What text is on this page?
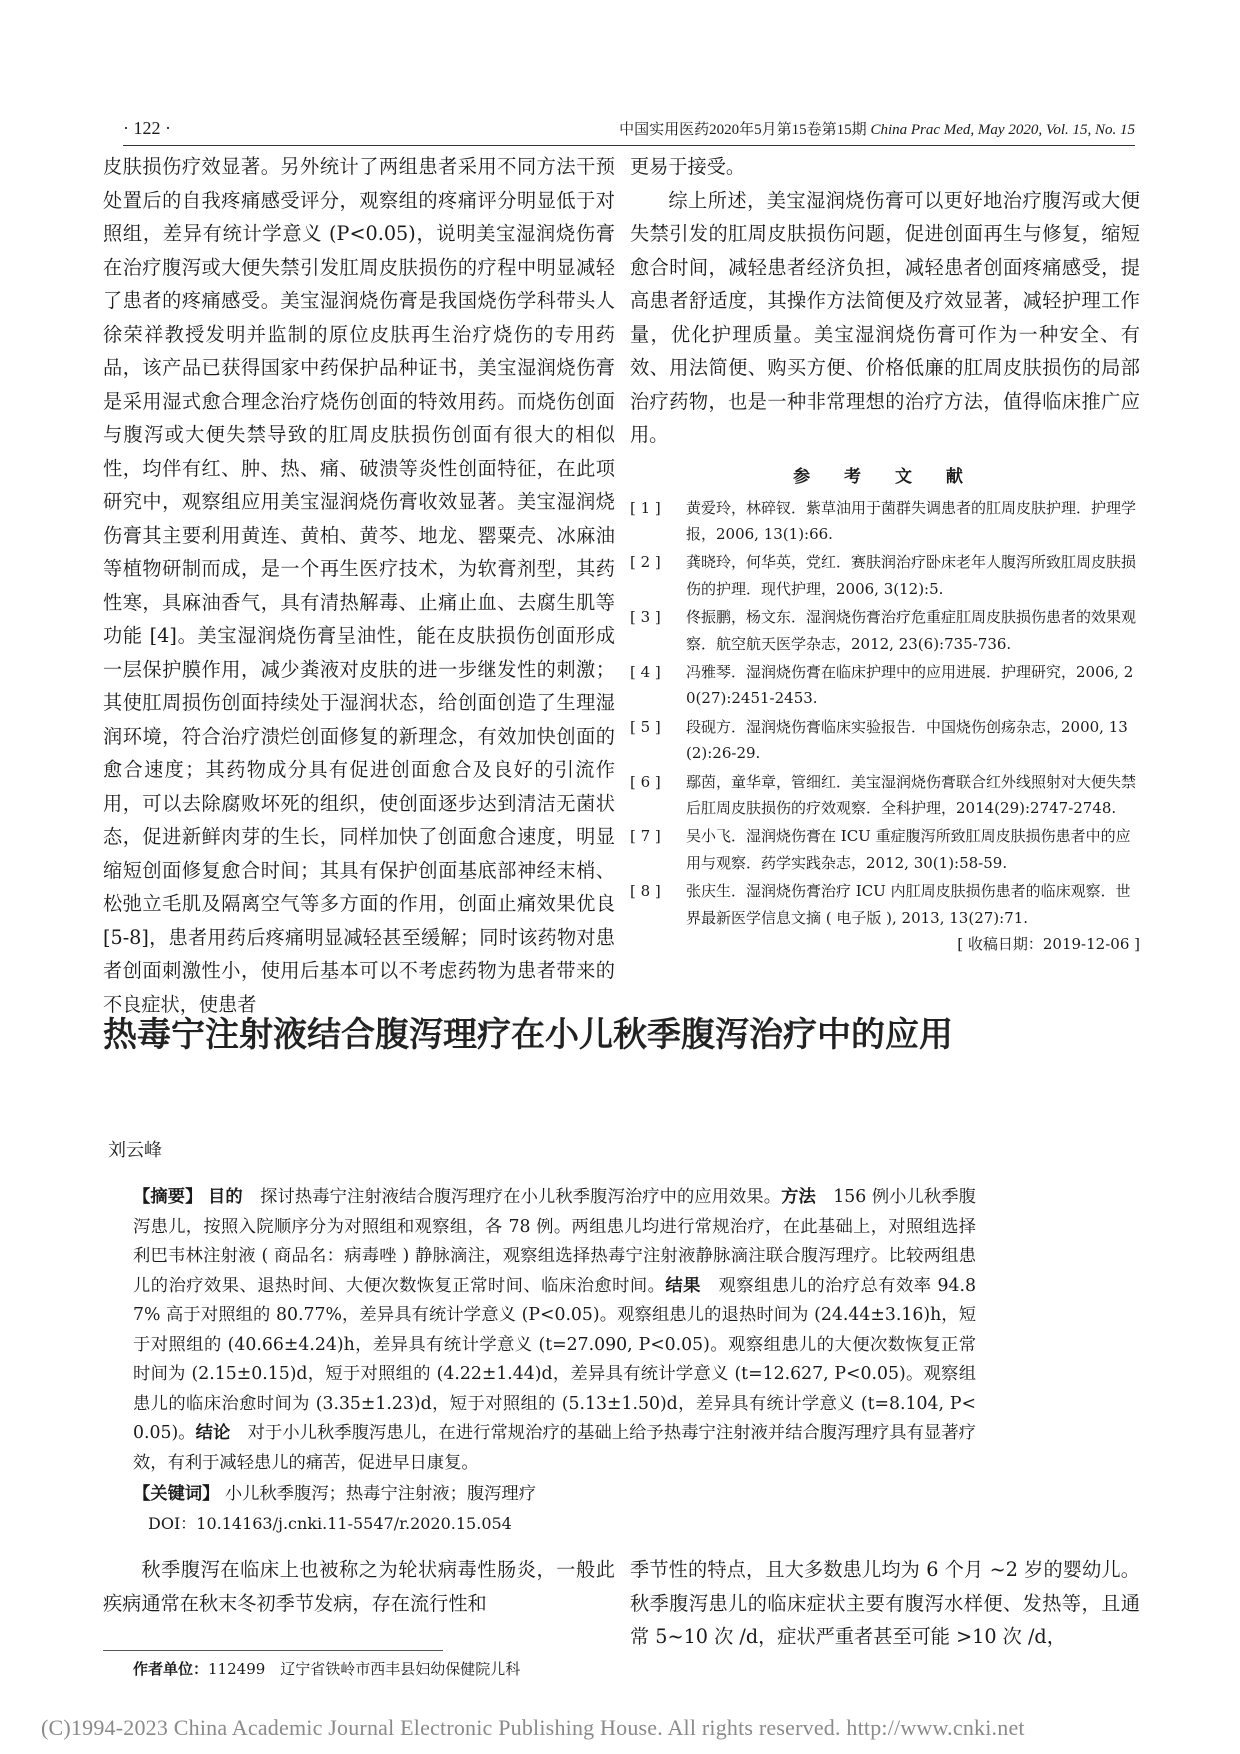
· 122 ·	中国实用医药2020年5月第15卷第15期 China Prac Med, May 2020, Vol. 15, No. 15

皮肤损伤疗效显著。另外统计了两组患者采用不同方法干预处置后的自我疼痛感受评分，观察组的疼痛评分明显低于对照组，差异有统计学意义 (P<0.05)，说明美宝湿润烧伤膏在治疗腹泻或大便失禁引发肛周皮肤损伤的疗程中明显减轻了患者的疼痛感受。美宝湿润烧伤膏是我国烧伤学科带头人徐荣祥教授发明并监制的原位皮肤再生治疗烧伤的专用药品，该产品已获得国家中药保护品种证书，美宝湿润烧伤膏是采用湿式愈合理念治疗烧伤创面的特效用药。而烧伤创面与腹泻或大便失禁导致的肛周皮肤损伤创面有很大的相似性，均伴有红、肿、热、痛、破溃等炎性创面特征，在此项研究中，观察组应用美宝湿润烧伤膏收效显著。美宝湿润烧伤膏其主要利用黄连、黄柏、黄芩、地龙、罂粟壳、冰麻油等植物研制而成，是一个再生医疗技术，为软膏剂型，其药性寒，具麻油香气，具有清热解毒、止痛止血、去腐生肌等功能 [4]。美宝湿润烧伤膏呈油性，能在皮肤损伤创面形成一层保护膜作用，减少粪液对皮肤的进一步继发性的刺激；其使肛周损伤创面持续处于湿润状态，给创面创造了生理湿润环境，符合治疗溃烂创面修复的新理念，有效加快创面的愈合速度；其药物成分具有促进创面愈合及良好的引流作用，可以去除腐败坏死的组织，使创面逐步达到清洁无菌状态，促进新鲜肉芽的生长，同样加快了创面愈合速度，明显缩短创面修复愈合时间；其具有保护创面基底部神经末梢、松弛立毛肌及隔离空气等多方面的作用，创面止痛效果优良 [5-8]，患者用药后疼痛明显减轻甚至缓解；同时该药物对患者创面刺激性小，使用后基本可以不考虑药物为患者带来的不良症状，使患者

更易于接受。

综上所述，美宝湿润烧伤膏可以更好地治疗腹泻或大便失禁引发的肛周皮肤损伤问题，促进创面再生与修复，缩短愈合时间，减轻患者经济负担，减轻患者创面疼痛感受，提高患者舒适度，其操作方法简便及疗效显著，减轻护理工作量，优化护理质量。美宝湿润烧伤膏可作为一种安全、有效、用法简便、购买方便、价格低廉的肛周皮肤损伤的局部治疗药物，也是一种非常理想的治疗方法，值得临床推广应用。

参 考 文 献
[ 1 ]	黄爱玲，林碎钗．紫草油用于菌群失调患者的肛周皮肤护理．护理学报，2006, 13(1):66.
[ 2 ]	龚晓玲，何华英，党红．赛肤润治疗卧床老年人腹泻所致肛周皮肤损伤的护理．现代护理，2006, 3(12):5.
[ 3 ]	佟振鹏，杨文东．湿润烧伤膏治疗危重症肛周皮肤损伤患者的效果观察．航空航天医学杂志，2012, 23(6):735-736.
[ 4 ]	冯雅琴．湿润烧伤膏在临床护理中的应用进展．护理研究，2006, 20(27):2451-2453.
[ 5 ]	段砚方．湿润烧伤膏临床实验报告．中国烧伤创疡杂志，2000, 13(2):26-29.
[ 6 ]	鄢茵，童华章，管细红．美宝湿润烧伤膏联合红外线照射对大便失禁后肛周皮肤损伤的疗效观察．全科护理，2014(29):2747-2748.
[ 7 ]	吴小飞．湿润烧伤膏在 ICU 重症腹泻所致肛周皮肤损伤患者中的应用与观察．药学实践杂志，2012, 30(1):58-59.
[ 8 ]	张庆生．湿润烧伤膏治疗 ICU 内肛周皮肤损伤患者的临床观察．世界最新医学信息文摘 ( 电子版 ), 2013, 13(27):71.
[ 收稿日期：2019-12-06 ]
热毒宁注射液结合腹泻理疗在小儿秋季腹泻治疗中的应用
刘云峰

【摘要】 目的　 探讨热毒宁注射液结合腹泻理疗在小儿秋季腹泻治疗中的应用效果。方法　 156 例小儿秋季腹泻患儿，按照入院顺序分为对照组和观察组，各 78 例。两组患儿均进行常规治疗，在此基础上，对照组选择利巴韦林注射液 ( 商品名：病毒唑 ) 静脉滴注，观察组选择热毒宁注射液静脉滴注联合腹泻理疗。比较两组患儿的治疗效果、退热时间、大便次数恢复正常时间、临床治愈时间。结果　 观察组患儿的治疗总有效率 94.87% 高于对照组的 80.77%，差异具有统计学意义 (P<0.05)。观察组患儿的退热时间为 (24.44±3.16)h，短于对照组的 (40.66±4.24)h，差异具有统计学意义 (t=27.090, P<0.05)。观察组患儿的大便次数恢复正常时间为 (2.15±0.15)d，短于对照组的 (4.22±1.44)d，差异具有统计学意义 (t=12.627, P<0.05)。观察组患儿的临床治愈时间为 (3.35±1.23)d，短于对照组的 (5.13±1.50)d，差异具有统计学意义 (t=8.104, P<0.05)。结论　 对于小儿秋季腹泻患儿，在进行常规治疗的基础上给予热毒宁注射液并结合腹泻理疗具有显著疗效，有利于减轻患儿的痛苦，促进早日康复。

【关键词】 小儿秋季腹泻；热毒宁注射液；腹泻理疗
DOI：10.14163/j.cnki.11-5547/r.2020.15.054

秋季腹泻在临床上也被称之为轮状病毒性肠炎，一般此疾病通常在秋末冬初季节发病，存在流行性和

季节性的特点，且大多数患儿均为 6 个月 ~2 岁的婴幼儿。秋季腹泻患儿的临床症状主要有腹泻水样便、发热等，且通常 5~10 次 /d，症状严重者甚至可能 >10 次 /d，

作者单位：112499　辽宁省铁岭市西丰县妇幼保健院儿科
(C)1994-2023 China Academic Journal Electronic Publishing House. All rights reserved. http://www.cnki.net
